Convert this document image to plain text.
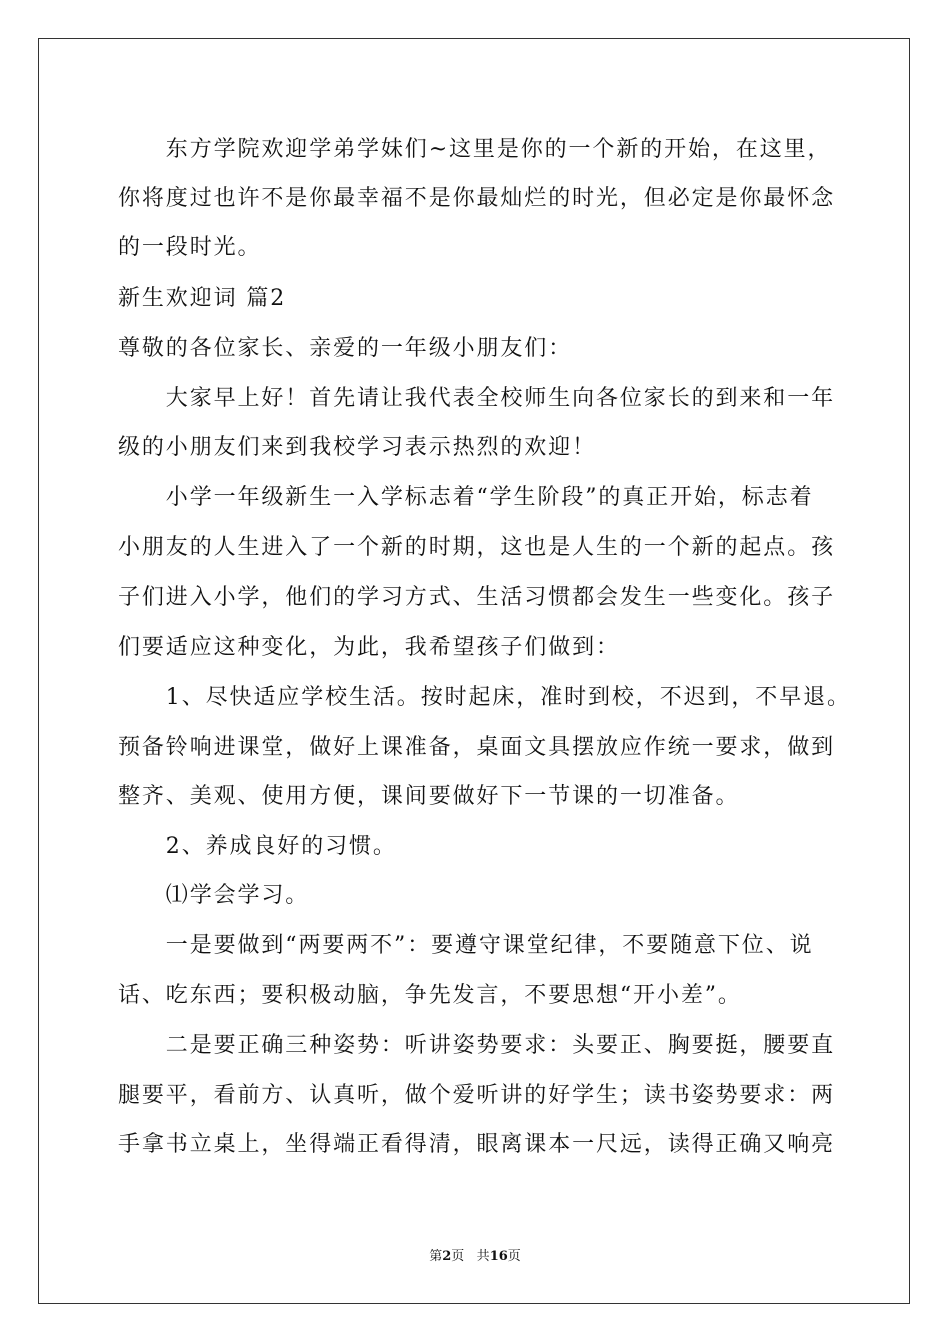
　　东方学院欢迎学弟学妹们~这里是你的一个新的开始，在这里，
你将度过也许不是你最幸福不是你最灿烂的时光，但必定是你最怀念
的一段时光。
新生欢迎词 篇2
尊敬的各位家长、亲爱的一年级小朋友们：
　　大家早上好！首先请让我代表全校师生向各位家长的到来和一年
级的小朋友们来到我校学习表示热烈的欢迎！
　　小学一年级新生一入学标志着“学生阶段”的真正开始，标志着
小朋友的人生进入了一个新的时期，这也是人生的一个新的起点。孩
子们进入小学，他们的学习方式、生活习惯都会发生一些变化。孩子
们要适应这种变化，为此，我希望孩子们做到：
　　1、尽快适应学校生活。按时起床，准时到校，不迟到，不早退。
预备铃响进课堂，做好上课准备，桌面文具摆放应作统一要求，做到
整齐、美观、使用方便，课间要做好下一节课的一切准备。
　　2、养成良好的习惯。
　　⑴学会学习。
　　一是要做到“两要两不”：要遵守课堂纪律，不要随意下位、说
话、吃东西；要积极动脑，争先发言，不要思想“开小差”。
　　二是要正确三种姿势：听讲姿势要求：头要正、胸要挺，腰要直
腿要平，看前方、认真听，做个爱听讲的好学生；读书姿势要求：两
手拿书立桌上，坐得端正看得清，眼离课本一尺远，读得正确又响亮
第2页 共16页
